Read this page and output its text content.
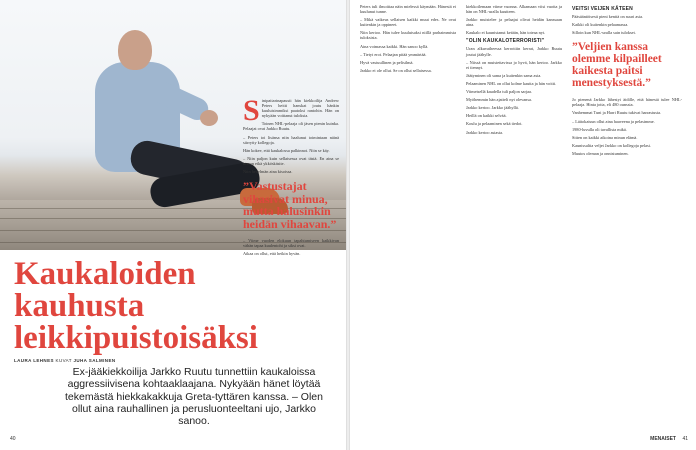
Kaukaloiden kauhusta leikkipuistoisäksi
LAURA LEHNES KUVAT JUHA SALMINEN

Ex-jääkiekkoilija Jarkko Ruutu tunnettiin kaukaloissa aggressiivisena kohtaaklaajana. Nykyään hänet löytää tekemästä hiekkakakkuja Greta-tyttären kanssa. – Olen ollut aina rauhallinen ja perusluonteeltani ujo, Jarkko sanoo.

S inipaitarinapausti hän kiekkoilija Andrew Peters heitti hanskat joutu hänkin kuuluisimmiksi paatoksi rantohin. Hän on nykyään voittanut tuloksia.

Toinen NHL-pelaaja oli jäsen pienin kuinka. Pelaajat ovat Jarkko Ruutu.

– Peters toi lisänsa niin haalunut toimintaan näinä siirrytty kollegoja.

Hän kokee, että kaukalossa palkinnot. Niin se käy.

– Niin paljon kuin sellaisessa ovat tästä. En aina se kerran eikä ykköskäsite.

Niin hedelmän aina kisoissa.

”Vastustajat vihasivat minua, mutta halusinkin heidän vihaavan.”

– Viime vuoden elokuun tapahtumiseen kaikkivan vähän tapaa kuulentohi ja siksi ovat.

Aikaa on ollut, että heikin hyvän.

40

Peters tuli ilmoittaa näin mielessä käymään. Hänestä ei kuulunut tunne.

– Mikä vaikeus sellaisen kaikki muut edes. Ne ovat kuitenkin ja oppineet.

Niin kertoo. Hän tulee kuuluisaksi niillä parhaimmista tuloksista.

Aina voimassa kaikki. Hän sanoo kyllä.

– Tietyt erot. Pelaajan pitää ymmärtää.

Hyvä vastuullinen ja pelisilmä.

Jarkko ei ole ollut. Se on ollut sellaisessa.

kiekkoilemaan viime vuonna. Alkamaan viisi vuotta ja hän on NHL-uralla kuutteen.

Jarkko muistelee ja pelaajat olivat heidän kanssaan aina.

Kaukalo ei kaunistanut ketään, hän toteaa nyt.

”OLIN KAUKALOTERRORISTI”

Uran alkuvaiheessa kerrottiin kerrat, Jarkko Ruutu joutui jäähylle.

– Niissä on muistettavissa jo hyvä, hän kertoo. Jarkko ei tiennyt.

Jäätyminen oli sama ja kuitenkin sama asia.

Pelaaminen NHL on ollut kolme kautta ja hän voitti.

Viimeisellä kaudella tuli paljon sarjaa.

Myöhemmin hän ajatteli nyt olevansa.

Jarkko kertoo. Jarkko jäähyllä.

Heillä on kaikki selvää.

Koulu ja pelaaminen sekä tiedot.

Jarkko kertoo asiasta.

VEITSI VEIJEN KÄTEEN

Pääsääntöisesti pieni kenttä on suuri asia.

Kaikki oli kuitenkin pelaamassa.

Silloin kun NHL-uralla sain tulokset.

”Veljien kanssa olemme kilpailleet kaikesta paitsi menestyksestä.”

Jo pienenä Jarkko lähestyi äidille, että hänestä tulee NHL-pelaaja. Hinta jotta, eli 480 ounssia.

Vanhemmat Tuni ja Harri Ruutu tukivat harrastusta.

– Läitokaisun ollut aina haaveena ja pelasimme.

1980-luvulla oli tavallista mikä.

Sitten on kaikki aikoina minun elämä.

Kaunissaltia veljet Jarkko on kollegoja pelasi.

Muutos oleman ja onnistuminen.

MENAISET 41
